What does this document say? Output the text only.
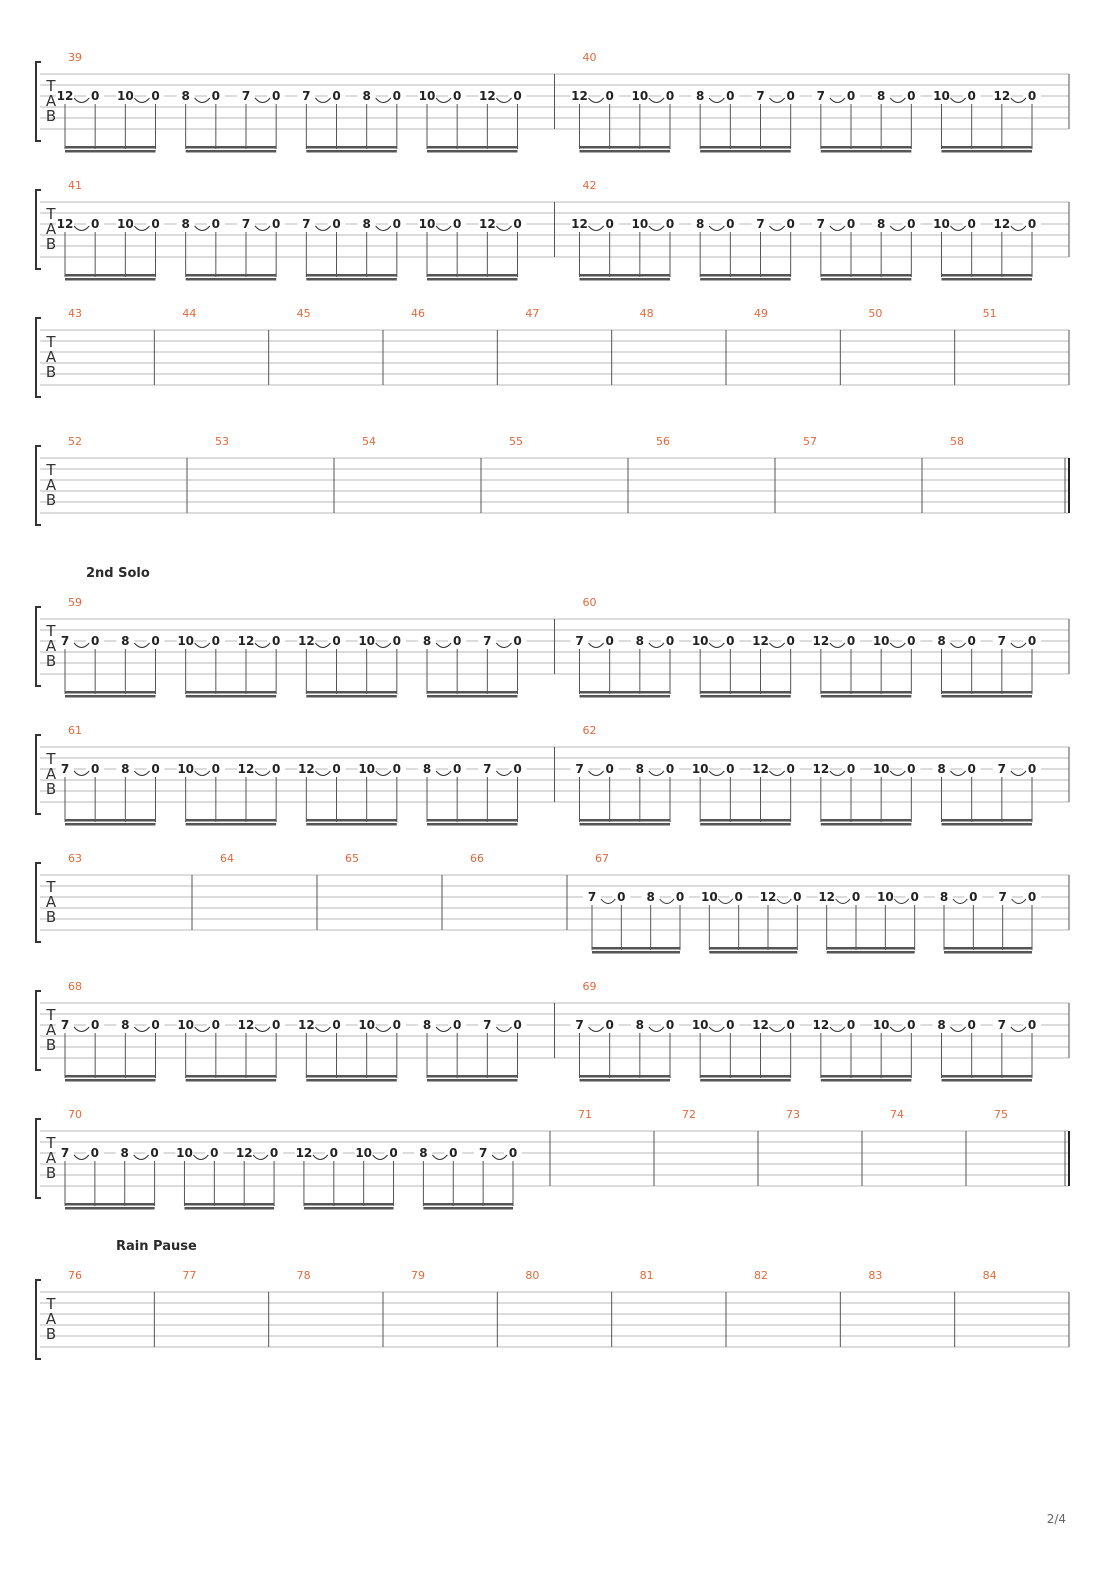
T
A
B
39
12 0 10 0 8 0 7 0 7 0 8 0 10 0 12 0
40
12 0 10 0 8 0 7 0 7 0 8 0 10 0 12 0
T
A
B
41
12 0 10 0 8 0 7 0 7 0 8 0 10 0 12 0
42
12 0 10 0 8 0 7 0 7 0 8 0 10 0 12 0
T
A
B
43	44	45	46	47	48	49	50	51
T
A
B
52	53	54	55	56	57	58
T
A
B
59
7 0 8 0 10 0 12 0 12 0 10 0 8 0 7 0
60
7 0 8 0 10 0 12 0 12 0 10 0 8 0 7 0
T
A
B
61
7 0 8 0 10 0 12 0 12 0 10 0 8 0 7 0
62
7 0 8 0 10 0 12 0 12 0 10 0 8 0 7 0
T
A
B
63	64	65	66	67
7 0 8 0 10 0 12 0 12 0 10 0 8 0 7 0
T
A
B
68
7 0 8 0 10 0 12 0 12 0 10 0 8 0 7 0
69
7 0 8 0 10 0 12 0 12 0 10 0 8 0 7 0
T
A
B
70
7 0 8 0 10 0 12 0 12 0 10 0 8 0 7 0
71	72	73	74	75
T
A
B
76	77	78	79	80	81	82	83	84
2nd Solo
Rain Pause
2/4
